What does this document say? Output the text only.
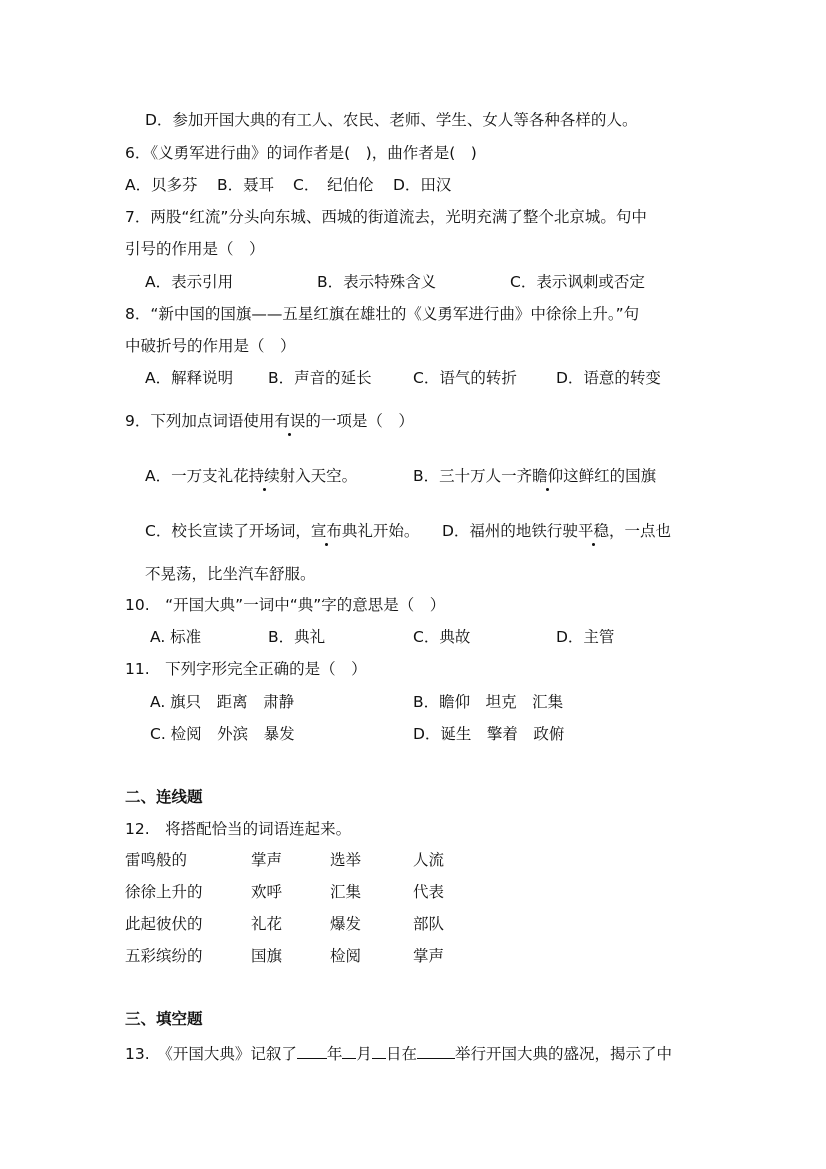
D．参加开国大典的有工人、农民、老师、学生、女人等各种各样的人。
6．《义勇军进行曲》的词作者是(　)，曲作者是(　)
A．贝多芬 B．聂耳 C．　纪伯伦 D．田汉
7．两股“红流”分头向东城、西城的街道流去，光明充满了整个北京城。句中
引号的作用是（　）
A．表示引用	B．表示特殊含义	C．表示讽刺或否定
8．“新中国的国旗——五星红旗在雄壮的《义勇军进行曲》中徐徐上升。”句
中破折号的作用是（　）
A．解释说明 B．声音的延长	C．语气的转折	D．语意的转变
9．下列加点词语使用有误的一项是（　）
A．一万支礼花持续射入天空。	B．三十万人一齐瞻仰这鲜红的国旗
C．校长宣读了开场词，宣布典礼开始。 D．福州的地铁行驶平稳，一点也
不晃荡，比坐汽车舒服。
10.　“开国大典”一词中“典”字的意思是（　）
A. 标准	B．典礼	C．典故	D．主管
11.　下列字形完全正确的是（　）
A. 旗只　距离　肃静	B．瞻仰　坦克　汇集
C. 检阅　外滨　暴发	D．诞生　擎着　政俯
二、连线题
12.　将搭配恰当的词语连起来。
雷鸣般的	掌声	选举	人流
徐徐上升的	欢呼	汇集	代表
此起彼伏的	礼花	爆发	部队
五彩缤纷的	国旗	检阅	掌声
三、填空题
13.　《开国大典》记叙了 年 月 日在 举行开国大典的盛况，揭示了中
